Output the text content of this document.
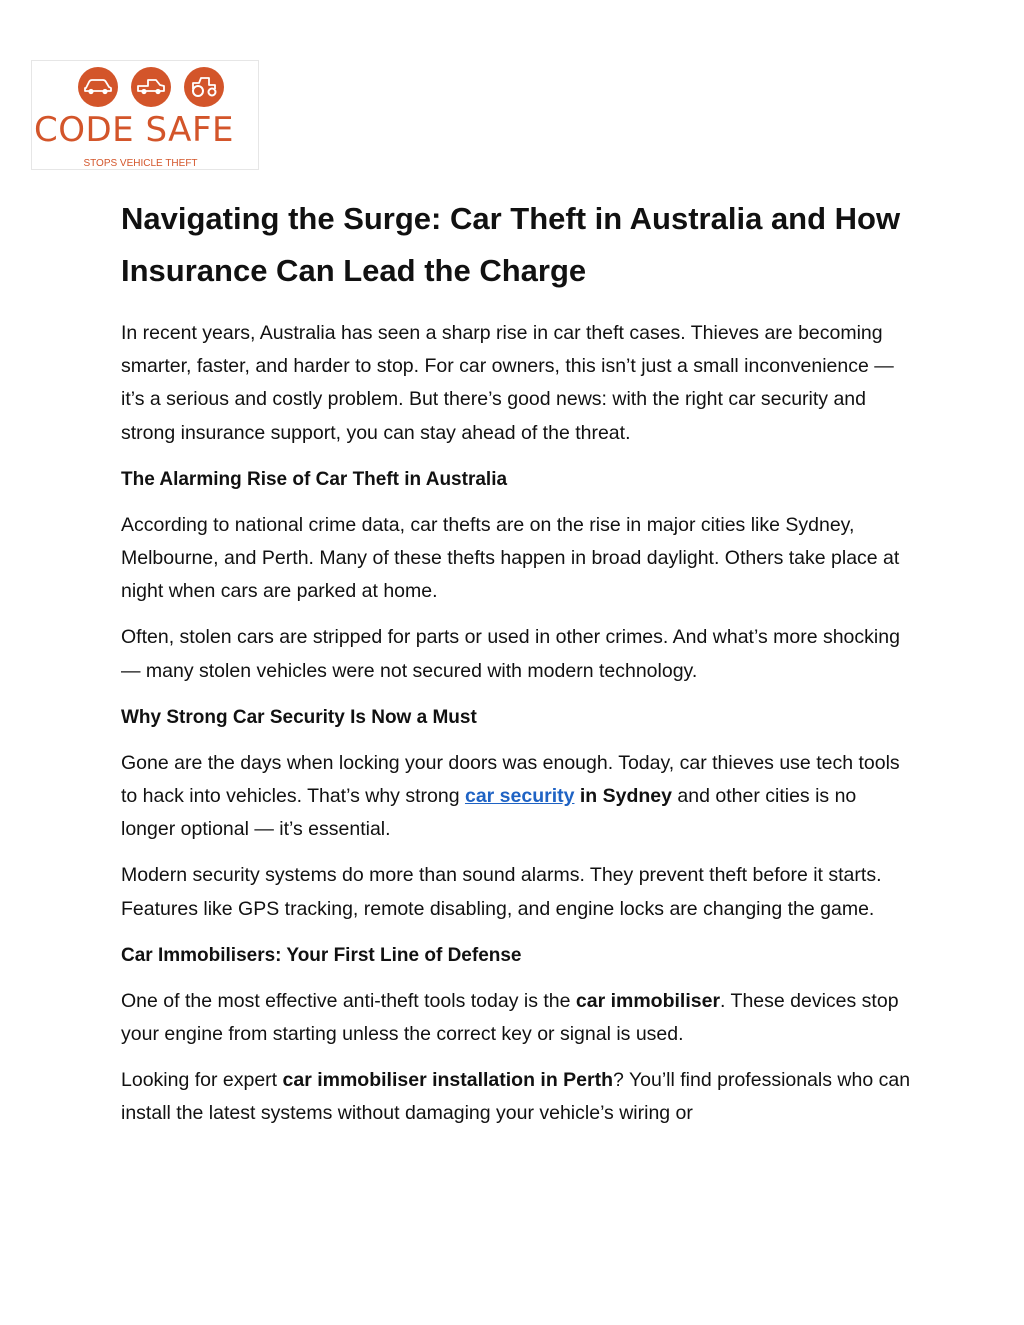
CODE SAFE
STOPS VEHICLE THEFT
Navigating the Surge: Car Theft in Australia and How Insurance Can Lead the Charge

In recent years, Australia has seen a sharp rise in car theft cases. Thieves are becoming smarter, faster, and harder to stop. For car owners, this isn’t just a small inconvenience — it’s a serious and costly problem. But there’s good news: with the right car security and strong insurance support, you can stay ahead of the threat.

The Alarming Rise of Car Theft in Australia

According to national crime data, car thefts are on the rise in major cities like Sydney, Melbourne, and Perth. Many of these thefts happen in broad daylight. Others take place at night when cars are parked at home.

Often, stolen cars are stripped for parts or used in other crimes. And what’s more shocking — many stolen vehicles were not secured with modern technology.

Why Strong Car Security Is Now a Must

Gone are the days when locking your doors was enough. Today, car thieves use tech tools to hack into vehicles. That’s why strong car security in Sydney and other cities is no longer optional — it’s essential.

Modern security systems do more than sound alarms. They prevent theft before it starts. Features like GPS tracking, remote disabling, and engine locks are changing the game.

Car Immobilisers: Your First Line of Defense

One of the most effective anti-theft tools today is the car immobiliser. These devices stop your engine from starting unless the correct key or signal is used.

Looking for expert car immobiliser installation in Perth? You’ll find professionals who can install the latest systems without damaging your vehicle’s wiring or
